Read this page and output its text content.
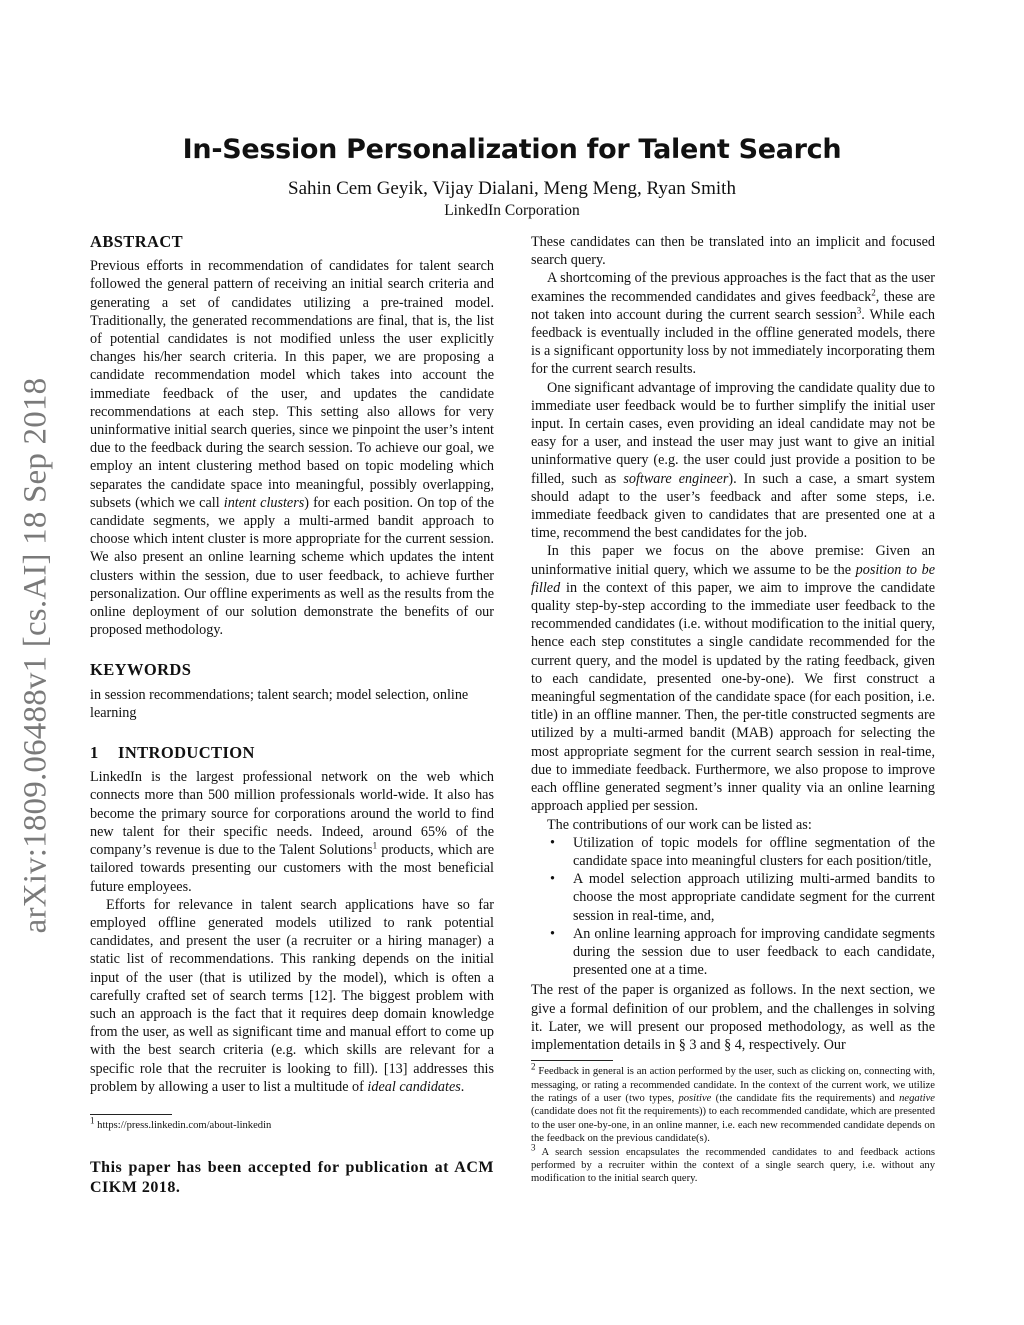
arXiv:1809.06488v1 [cs.AI] 18 Sep 2018
In-Session Personalization for Talent Search
Sahin Cem Geyik, Vijay Dialani, Meng Meng, Ryan Smith
LinkedIn Corporation
ABSTRACT

Previous efforts in recommendation of candidates for talent search followed the general pattern of receiving an initial search criteria and generating a set of candidates utilizing a pre-trained model. Traditionally, the generated recommendations are final, that is, the list of potential candidates is not modified unless the user explicitly changes his/her search criteria. In this paper, we are proposing a candidate recommendation model which takes into account the immediate feedback of the user, and updates the candidate recommendations at each step. This setting also allows for very uninformative initial search queries, since we pinpoint the user’s intent due to the feedback during the search session. To achieve our goal, we employ an intent clustering method based on topic modeling which separates the candidate space into meaningful, possibly overlapping, subsets (which we call intent clusters) for each position. On top of the candidate segments, we apply a multi-armed bandit approach to choose which intent cluster is more appropriate for the current session. We also present an online learning scheme which updates the intent clusters within the session, due to user feedback, to achieve further personalization. Our offline experiments as well as the results from the online deployment of our solution demonstrate the benefits of our proposed methodology.

KEYWORDS

in session recommendations; talent search; model selection, online learning

1 INTRODUCTION

LinkedIn is the largest professional network on the web which connects more than 500 million professionals world-wide. It also has become the primary source for corporations around the world to find new talent for their specific needs. Indeed, around 65% of the company’s revenue is due to the Talent Solutions$^1$ products, which are tailored towards presenting our customers with the most beneficial future employees.

Efforts for relevance in talent search applications have so far employed offline generated models utilized to rank potential candidates, and present the user (a recruiter or a hiring manager) a static list of recommendations. This ranking depends on the initial input of the user (that is utilized by the model), which is often a carefully crafted set of search terms [12]. The biggest problem with such an approach is the fact that it requires deep domain knowledge from the user, as well as significant time and manual effort to come up with the best search criteria (e.g. which skills are relevant for a specific role that the recruiter is looking to fill). [13] addresses this problem by allowing a user to list a multitude of ideal candidates.

$^1$ https://press.linkedin.com/about-linkedin
This paper has been accepted for publication at ACM CIKM 2018.

These candidates can then be translated into an implicit and focused search query.

A shortcoming of the previous approaches is the fact that as the user examines the recommended candidates and gives feedback$^2$, these are not taken into account during the current search session$^3$. While each feedback is eventually included in the offline generated models, there is a significant opportunity loss by not immediately incorporating them for the current search results.

One significant advantage of improving the candidate quality due to immediate user feedback would be to further simplify the initial user input. In certain cases, even providing an ideal candidate may not be easy for a user, and instead the user may just want to give an initial uninformative query (e.g. the user could just provide a position to be filled, such as software engineer). In such a case, a smart system should adapt to the user’s feedback and after some steps, i.e. immediate feedback given to candidates that are presented one at a time, recommend the best candidates for the job.

In this paper we focus on the above premise: Given an uninformative initial query, which we assume to be the position to be filled in the context of this paper, we aim to improve the candidate quality step-by-step according to the immediate user feedback to the recommended candidates (i.e. without modification to the initial query, hence each step constitutes a single candidate recommended for the current query, and the model is updated by the rating feedback, given to each candidate, presented one-by-one). We first construct a meaningful segmentation of the candidate space (for each position, i.e. title) in an offline manner. Then, the per-title constructed segments are utilized by a multi-armed bandit (MAB) approach for selecting the most appropriate segment for the current search session in real-time, due to immediate feedback. Furthermore, we also propose to improve each offline generated segment’s inner quality via an online learning approach applied per session.

The contributions of our work can be listed as:

• Utilization of topic models for offline segmentation of the candidate space into meaningful clusters for each position/title,
• A model selection approach utilizing multi-armed bandits to choose the most appropriate candidate segment for the current session in real-time, and,
• An online learning approach for improving candidate segments during the session due to user feedback to each candidate, presented one at a time.

The rest of the paper is organized as follows. In the next section, we give a formal definition of our problem, and the challenges in solving it. Later, we will present our proposed methodology, as well as the implementation details in § 3 and § 4, respectively. Our

$^2$ Feedback in general is an action performed by the user, such as clicking on, connecting with, messaging, or rating a recommended candidate. In the context of the current work, we utilize the ratings of a user (two types, positive (the candidate fits the requirements) and negative (candidate does not fit the requirements)) to each recommended candidate, which are presented to the user one-by-one, in an online manner, i.e. each new recommended candidate depends on the feedback on the previous candidate(s).
$^3$ A search session encapsulates the recommended candidates to and feedback actions performed by a recruiter within the context of a single search query, i.e. without any modification to the initial search query.
